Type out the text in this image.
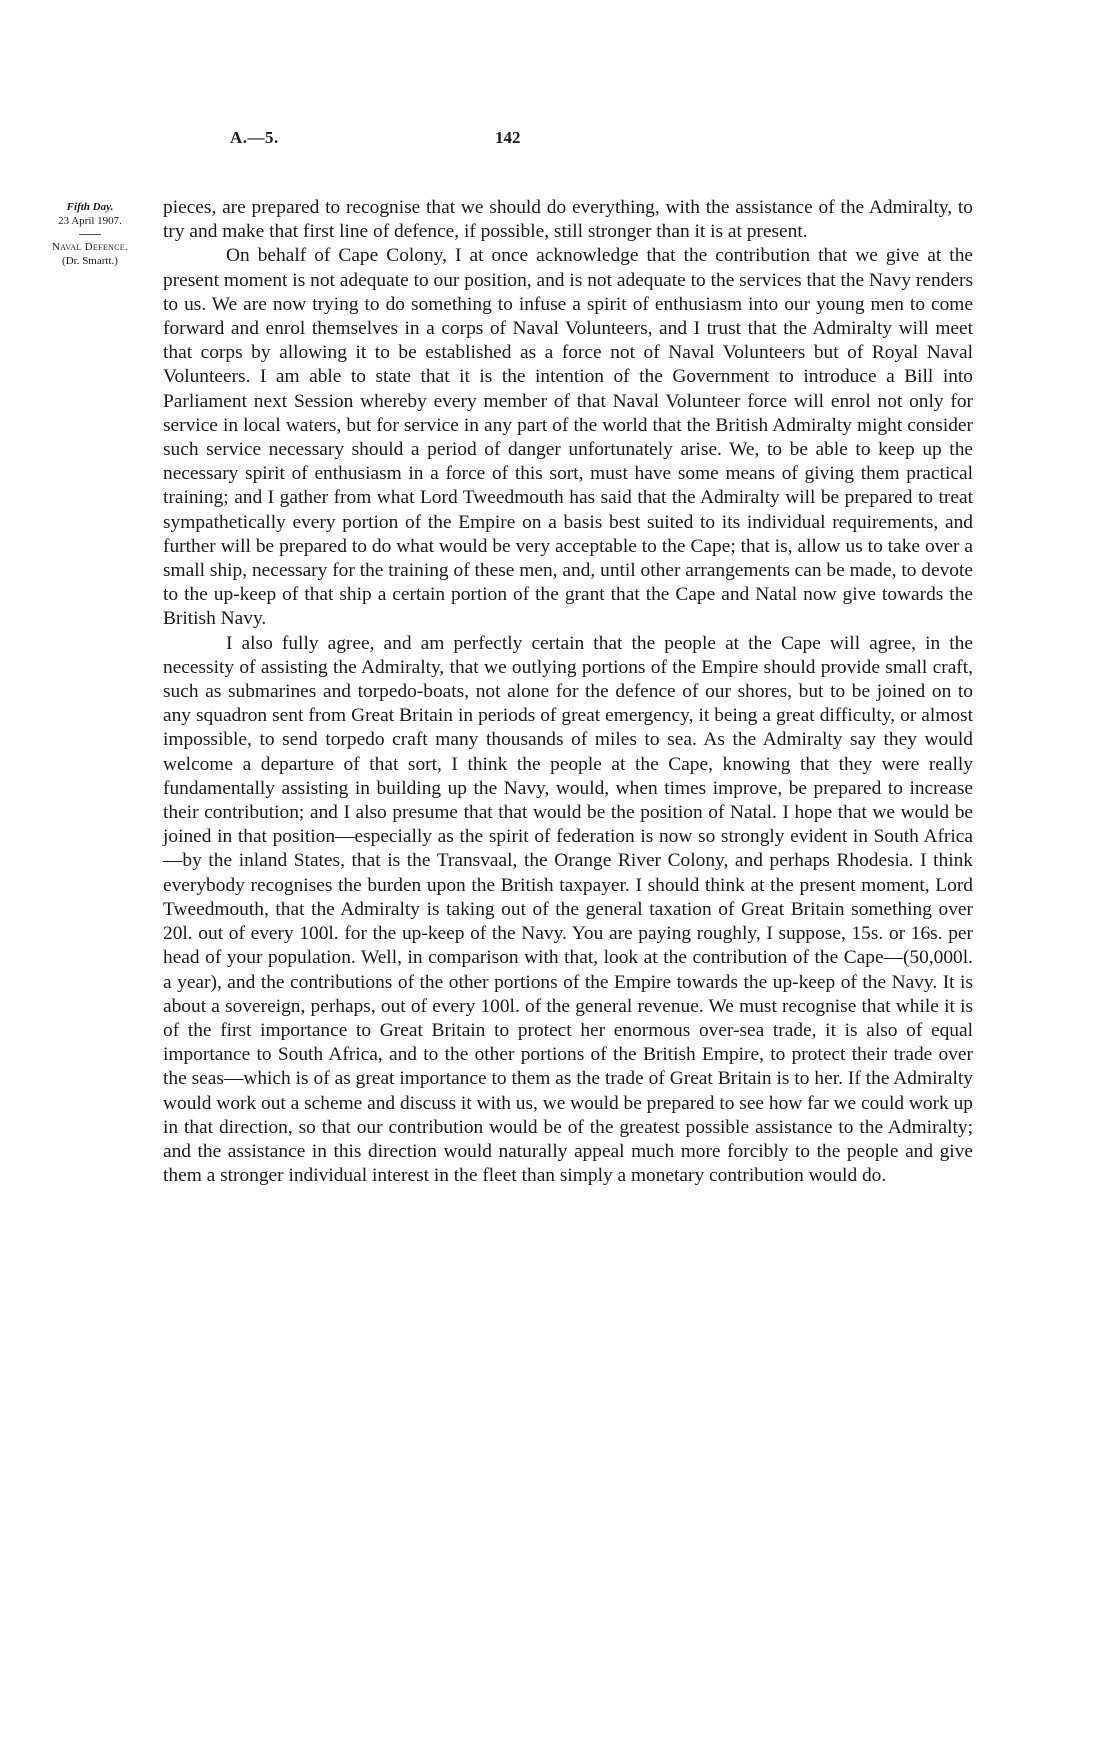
A.—5.	142
Fifth Day.
23 April 1907.
Naval Defence.
(Dr. Smartt.)

pieces, are prepared to recognise that we should do everything, with the assistance of the Admiralty, to try and make that first line of defence, if possible, still stronger than it is at present.

On behalf of Cape Colony, I at once acknowledge that the contribution that we give at the present moment is not adequate to our position, and is not adequate to the services that the Navy renders to us. We are now trying to do something to infuse a spirit of enthusiasm into our young men to come forward and enrol themselves in a corps of Naval Volunteers, and I trust that the Admiralty will meet that corps by allowing it to be established as a force not of Naval Volunteers but of Royal Naval Volunteers. I am able to state that it is the intention of the Government to introduce a Bill into Parliament next Session whereby every member of that Naval Volunteer force will enrol not only for service in local waters, but for service in any part of the world that the British Admiralty might consider such service necessary should a period of danger unfortunately arise. We, to be able to keep up the necessary spirit of enthusiasm in a force of this sort, must have some means of giving them practical training; and I gather from what Lord Tweedmouth has said that the Admiralty will be prepared to treat sympathetically every portion of the Empire on a basis best suited to its individual requirements, and further will be prepared to do what would be very acceptable to the Cape; that is, allow us to take over a small ship, necessary for the training of these men, and, until other arrangements can be made, to devote to the up-keep of that ship a certain portion of the grant that the Cape and Natal now give towards the British Navy.

I also fully agree, and am perfectly certain that the people at the Cape will agree, in the necessity of assisting the Admiralty, that we outlying portions of the Empire should provide small craft, such as submarines and torpedo-boats, not alone for the defence of our shores, but to be joined on to any squadron sent from Great Britain in periods of great emergency, it being a great difficulty, or almost impossible, to send torpedo craft many thousands of miles to sea. As the Admiralty say they would welcome a departure of that sort, I think the people at the Cape, knowing that they were really fundamentally assisting in building up the Navy, would, when times improve, be prepared to increase their contribution; and I also presume that that would be the position of Natal. I hope that we would be joined in that position—especially as the spirit of federation is now so strongly evident in South Africa—by the inland States, that is the Transvaal, the Orange River Colony, and perhaps Rhodesia. I think everybody recognises the burden upon the British taxpayer. I should think at the present moment, Lord Tweedmouth, that the Admiralty is taking out of the general taxation of Great Britain something over 20l. out of every 100l. for the up-keep of the Navy. You are paying roughly, I suppose, 15s. or 16s. per head of your population. Well, in comparison with that, look at the contribution of the Cape—(50,000l. a year), and the contributions of the other portions of the Empire towards the up-keep of the Navy. It is about a sovereign, perhaps, out of every 100l. of the general revenue. We must recognise that while it is of the first importance to Great Britain to protect her enormous over-sea trade, it is also of equal importance to South Africa, and to the other portions of the British Empire, to protect their trade over the seas—which is of as great importance to them as the trade of Great Britain is to her. If the Admiralty would work out a scheme and discuss it with us, we would be prepared to see how far we could work up in that direction, so that our contribution would be of the greatest possible assistance to the Admiralty; and the assistance in this direction would naturally appeal much more forcibly to the people and give them a stronger individual interest in the fleet than simply a monetary contribution would do.
